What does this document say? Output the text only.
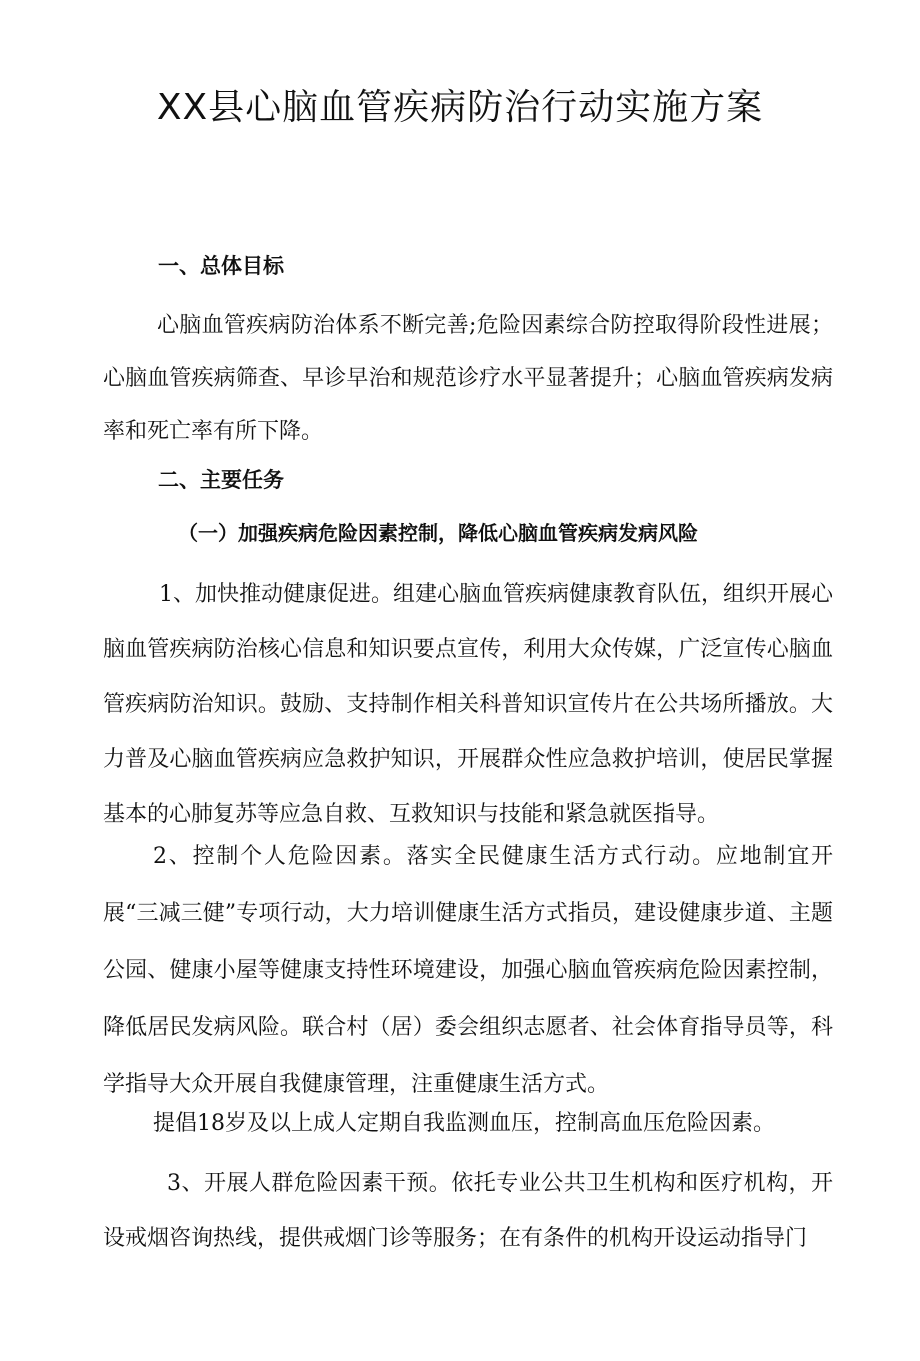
XX县心脑血管疾病防治行动实施方案
一、总体目标

心脑血管疾病防治体系不断完善;危险因素综合防控取得阶段性进展；心脑血管疾病筛查、早诊早治和规范诊疗水平显著提升；心脑血管疾病发病率和死亡率有所下降。

二、主要任务
（一）加强疾病危险因素控制，降低心脑血管疾病发病风险

1、加快推动健康促进。组建心脑血管疾病健康教育队伍，组织开展心脑血管疾病防治核心信息和知识要点宣传，利用大众传媒，广泛宣传心脑血管疾病防治知识。鼓励、支持制作相关科普知识宣传片在公共场所播放。大力普及心脑血管疾病应急救护知识，开展群众性应急救护培训，使居民掌握基本的心肺复苏等应急自救、互救知识与技能和紧急就医指导。

2、控制个人危险因素。落实全民健康生活方式行动。应地制宜开展“三减三健”专项行动，大力培训健康生活方式指员，建设健康步道、主题公园、健康小屋等健康支持性环境建设，加强心脑血管疾病危险因素控制，降低居民发病风险。联合村（居）委会组织志愿者、社会体育指导员等，科学指导大众开展自我健康管理，注重健康生活方式。

提倡18岁及以上成人定期自我监测血压，控制高血压危险因素。

3、开展人群危险因素干预。依托专业公共卫生机构和医疗机构，开设戒烟咨询热线，提供戒烟门诊等服务；在有条件的机构开设运动指导门
